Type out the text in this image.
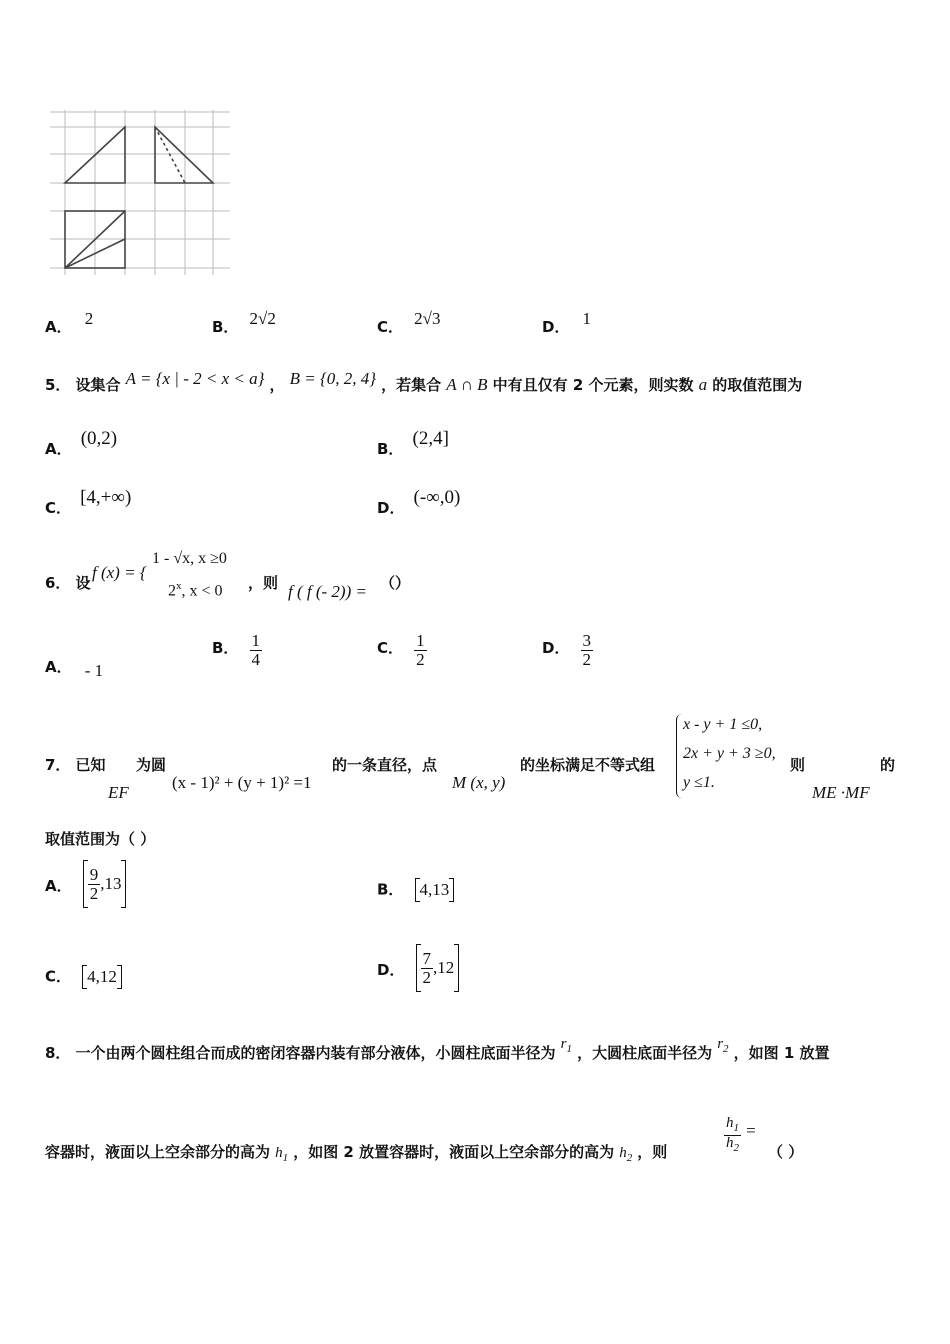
A． 2	B． 2√2	C． 2√3	D． 1
5． 设集合 A = {x | - 2 < x < a} ， B = {0, 2, 4} ，若集合 A ∩ B 中有且仅有 2 个元素，则实数 a 的取值范围为
A． (0,2)	B． (2,4]
C． [4,+∞)	D． (-∞,0)
6． 设
f (x) = {
1 - √x, x ≥0
2$^x$, x < 0 ，则 f ( f (- 2)) = （）
A． - 1
B． $\frac{1}{4}$	C． $\frac{1}{2}$	D． $\frac{3}{2}$
7． 已知
EF
为圆
(x - 1)² + (y + 1)² =1
的一条直径，点
M (x, y)
的坐标满足不等式组
x - y + 1 ≤0,
2x + y + 3 ≥0,
y ≤1.
则
ME ·MF
的
取值范围为（ ）
A． $\frac{9}{2} ,13$	B． 4,13
C． 4,12	D． $\frac{7}{2} ,12$
8． 一个由两个圆柱组合而成的密闭容器内装有部分液体，小圆柱底面半径为 $r_1$ ，大圆柱底面半径为 $r_2$ ，如图 1 放置
容器时，液面以上空余部分的高为 $h_1$ ，如图 2 放置容器时，液面以上空余部分的高为 $h_2$ ，则	$\frac{h_1}{h_2}$ =
（ ）
